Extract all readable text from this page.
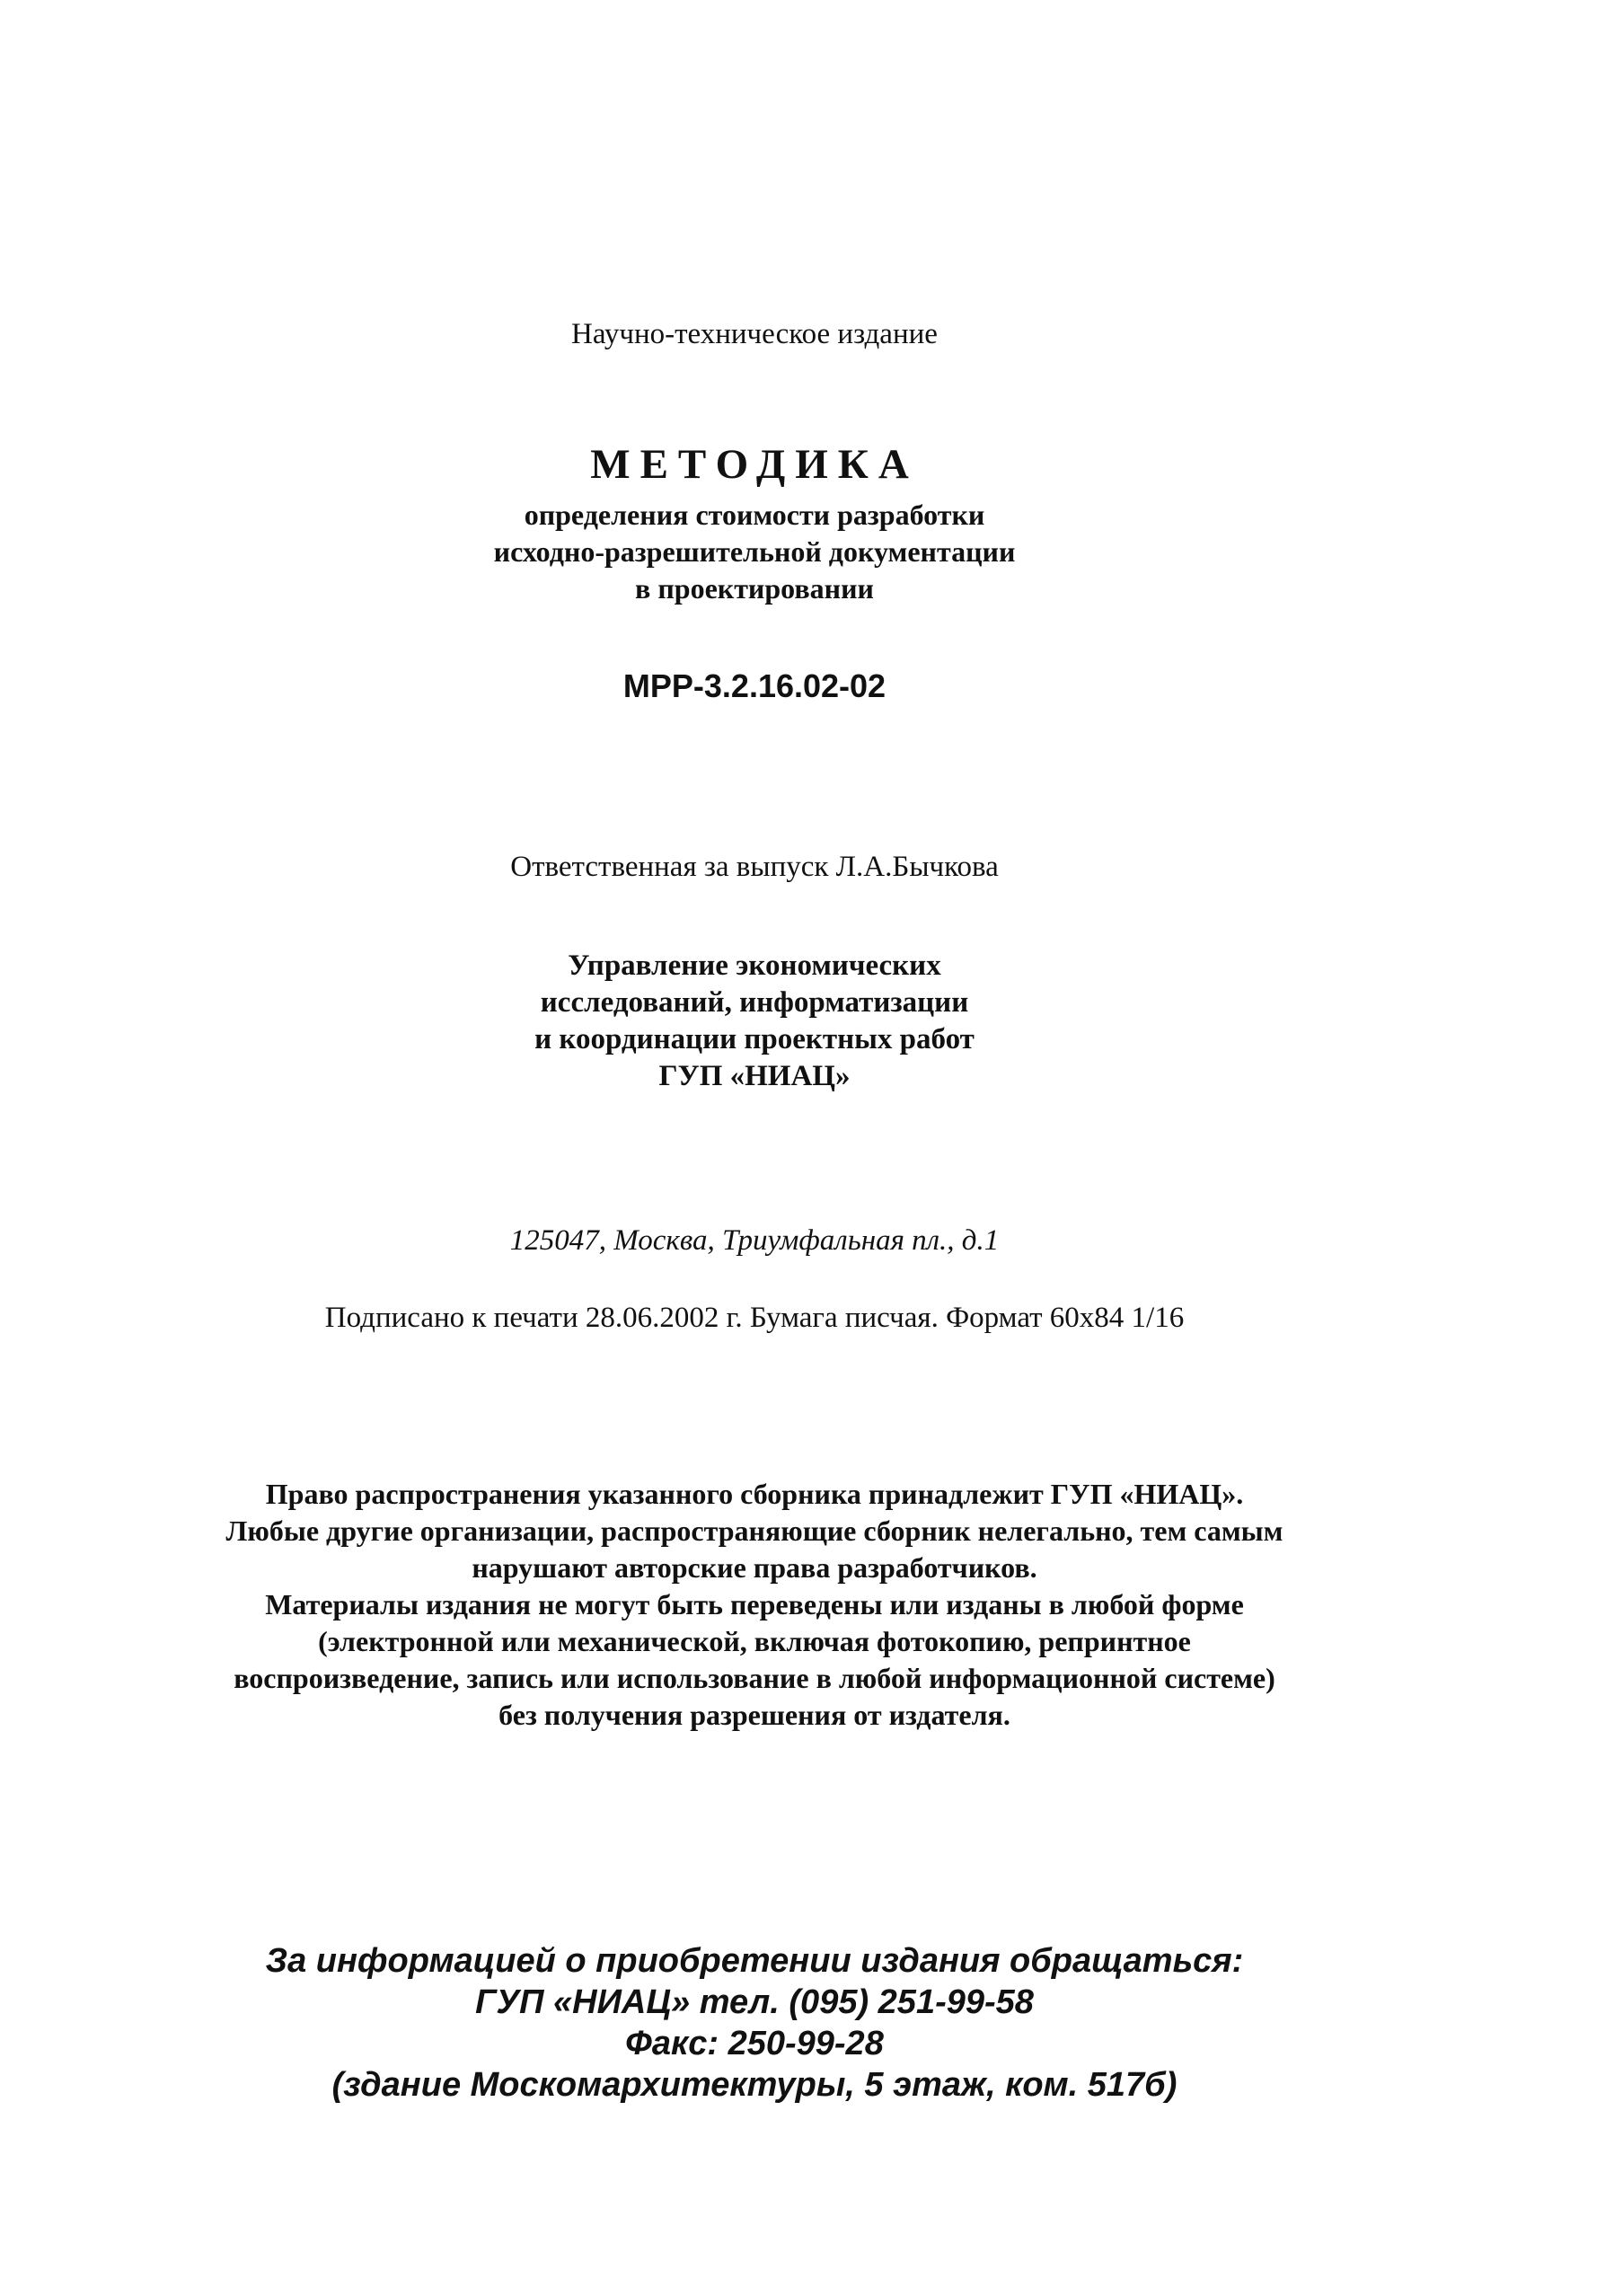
Научно-техническое издание
МЕТОДИКА
определения стоимости разработки
исходно-разрешительной документации
в проектировании
МРР-3.2.16.02-02
Ответственная за выпуск Л.А.Бычкова
Управление экономических
исследований, информатизации
и координации проектных работ
ГУП «НИАЦ»
125047, Москва, Триумфальная пл., д.1
Подписано к печати 28.06.2002 г. Бумага писчая. Формат 60х84 1/16
Право распространения указанного сборника принадлежит ГУП «НИАЦ».
Любые другие организации, распространяющие сборник нелегально, тем самым
нарушают авторские права разработчиков.
Материалы издания не могут быть переведены или изданы в любой форме
(электронной или механической, включая фотокопию, репринтное
воспроизведение, запись или использование в любой информационной системе)
без получения разрешения от издателя.
За информацией о приобретении издания обращаться:
ГУП «НИАЦ» тел. (095) 251-99-58
Факс: 250-99-28
(здание Москомархитектуры, 5 этаж, ком. 517б)
